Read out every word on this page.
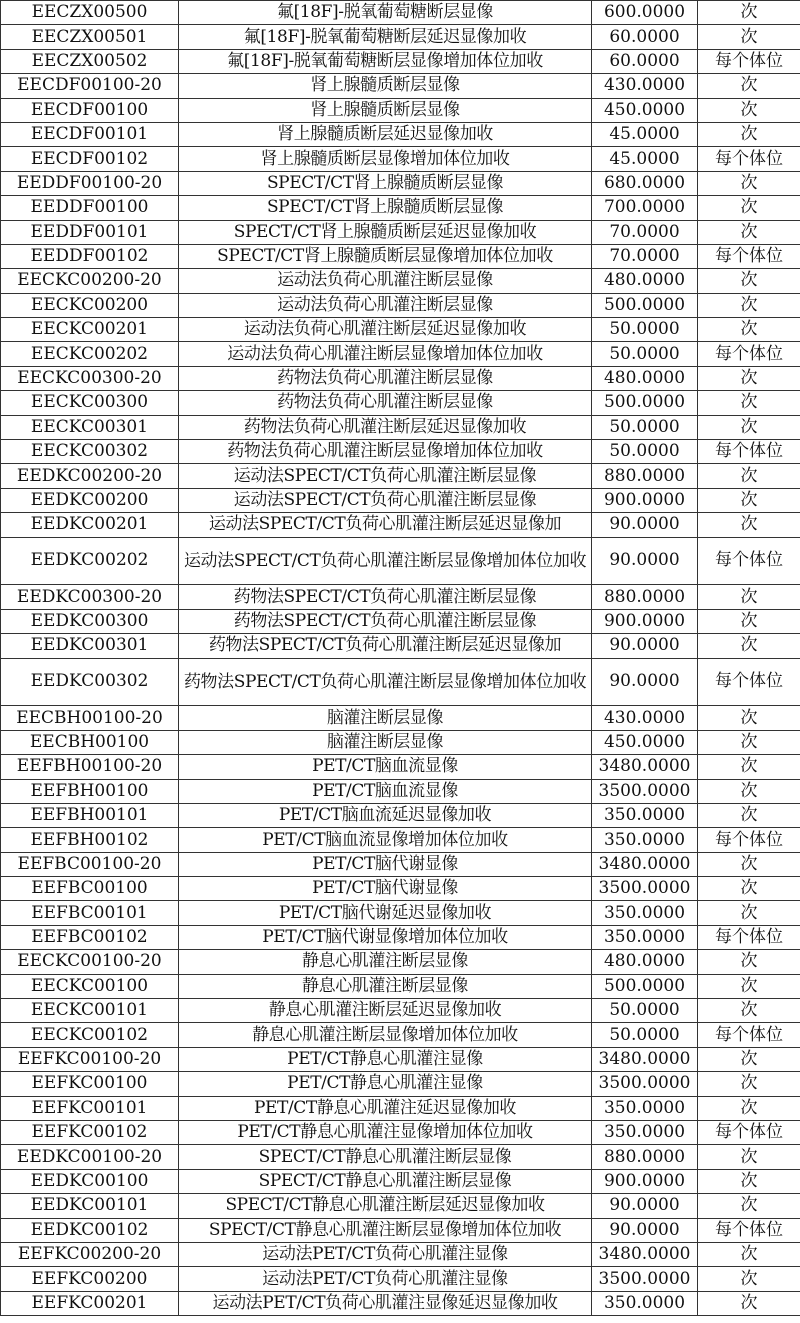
EECZX00500	氟[18F]-脱氧葡萄糖断层显像	600.0000	次
EECZX00501	氟[18F]-脱氧葡萄糖断层延迟显像加收	60.0000	次
EECZX00502	氟[18F]-脱氧葡萄糖断层显像增加体位加收	60.0000	每个体位
EECDF00100-20	肾上腺髓质断层显像	430.0000	次
EECDF00100	肾上腺髓质断层显像	450.0000	次
EECDF00101	肾上腺髓质断层延迟显像加收	45.0000	次
EECDF00102	肾上腺髓质断层显像增加体位加收	45.0000	每个体位
EEDDF00100-20	SPECT/CT肾上腺髓质断层显像	680.0000	次
EEDDF00100	SPECT/CT肾上腺髓质断层显像	700.0000	次
EEDDF00101	SPECT/CT肾上腺髓质断层延迟显像加收	70.0000	次
EEDDF00102	SPECT/CT肾上腺髓质断层显像增加体位加收	70.0000	每个体位
EECKC00200-20	运动法负荷心肌灌注断层显像	480.0000	次
EECKC00200	运动法负荷心肌灌注断层显像	500.0000	次
EECKC00201	运动法负荷心肌灌注断层延迟显像加收	50.0000	次
EECKC00202	运动法负荷心肌灌注断层显像增加体位加收	50.0000	每个体位
EECKC00300-20	药物法负荷心肌灌注断层显像	480.0000	次
EECKC00300	药物法负荷心肌灌注断层显像	500.0000	次
EECKC00301	药物法负荷心肌灌注断层延迟显像加收	50.0000	次
EECKC00302	药物法负荷心肌灌注断层显像增加体位加收	50.0000	每个体位
EEDKC00200-20	运动法SPECT/CT负荷心肌灌注断层显像	880.0000	次
EEDKC00200	运动法SPECT/CT负荷心肌灌注断层显像	900.0000	次
EEDKC00201	运动法SPECT/CT负荷心肌灌注断层延迟显像加	90.0000	次
EEDKC00202	运动法SPECT/CT负荷心肌灌注断层显像增加体位加收	90.0000	每个体位
EEDKC00300-20	药物法SPECT/CT负荷心肌灌注断层显像	880.0000	次
EEDKC00300	药物法SPECT/CT负荷心肌灌注断层显像	900.0000	次
EEDKC00301	药物法SPECT/CT负荷心肌灌注断层延迟显像加	90.0000	次
EEDKC00302	药物法SPECT/CT负荷心肌灌注断层显像增加体位加收	90.0000	每个体位
EECBH00100-20	脑灌注断层显像	430.0000	次
EECBH00100	脑灌注断层显像	450.0000	次
EEFBH00100-20	PET/CT脑血流显像	3480.0000	次
EEFBH00100	PET/CT脑血流显像	3500.0000	次
EEFBH00101	PET/CT脑血流延迟显像加收	350.0000	次
EEFBH00102	PET/CT脑血流显像增加体位加收	350.0000	每个体位
EEFBC00100-20	PET/CT脑代谢显像	3480.0000	次
EEFBC00100	PET/CT脑代谢显像	3500.0000	次
EEFBC00101	PET/CT脑代谢延迟显像加收	350.0000	次
EEFBC00102	PET/CT脑代谢显像增加体位加收	350.0000	每个体位
EECKC00100-20	静息心肌灌注断层显像	480.0000	次
EECKC00100	静息心肌灌注断层显像	500.0000	次
EECKC00101	静息心肌灌注断层延迟显像加收	50.0000	次
EECKC00102	静息心肌灌注断层显像增加体位加收	50.0000	每个体位
EEFKC00100-20	PET/CT静息心肌灌注显像	3480.0000	次
EEFKC00100	PET/CT静息心肌灌注显像	3500.0000	次
EEFKC00101	PET/CT静息心肌灌注延迟显像加收	350.0000	次
EEFKC00102	PET/CT静息心肌灌注显像增加体位加收	350.0000	每个体位
EEDKC00100-20	SPECT/CT静息心肌灌注断层显像	880.0000	次
EEDKC00100	SPECT/CT静息心肌灌注断层显像	900.0000	次
EEDKC00101	SPECT/CT静息心肌灌注断层延迟显像加收	90.0000	次
EEDKC00102	SPECT/CT静息心肌灌注断层显像增加体位加收	90.0000	每个体位
EEFKC00200-20	运动法PET/CT负荷心肌灌注显像	3480.0000	次
EEFKC00200	运动法PET/CT负荷心肌灌注显像	3500.0000	次
EEFKC00201	运动法PET/CT负荷心肌灌注显像延迟显像加收	350.0000	次
